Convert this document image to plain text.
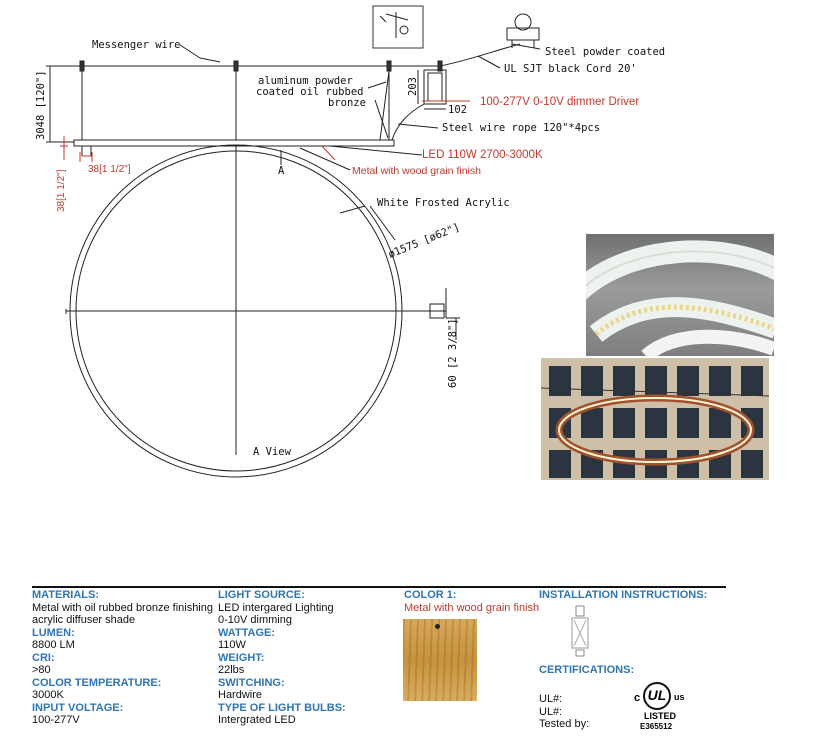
Messenger wire
aluminum powder
coated oil rubbed
bronze
Steel powder coated
UL SJT black Cord 20'
100-277V 0-10V dimmer Driver
Steel wire rope 120"*4pcs
LED 110W 2700-3000K
Metal with wood grain finish
White Frosted Acrylic
ø1575 [ø62"]
3048 [120"]	203
102
38[1 1/2"]
38[1 1/2"]
60 [2 3/8"]
A
A View
MATERIALS:
Metal with oil rubbed bronze finishing
acrylic diffuser shade
LUMEN:
8800 LM
CRI:
>80
COLOR TEMPERATURE:
3000K
INPUT VOLTAGE:
100-277V
LIGHT SOURCE:
LED intergared Lighting
0-10V dimming
WATTAGE:
110W
WEIGHT:
22lbs
SWITCHING:
Hardwire
TYPE OF LIGHT BULBS:
Intergrated LED
COLOR 1:
Metal with wood grain finish
INSTALLATION INSTRUCTIONS:
CERTIFICATIONS:
UL#:
UL#:
Tested by:
c UL us
LISTED
E365512
